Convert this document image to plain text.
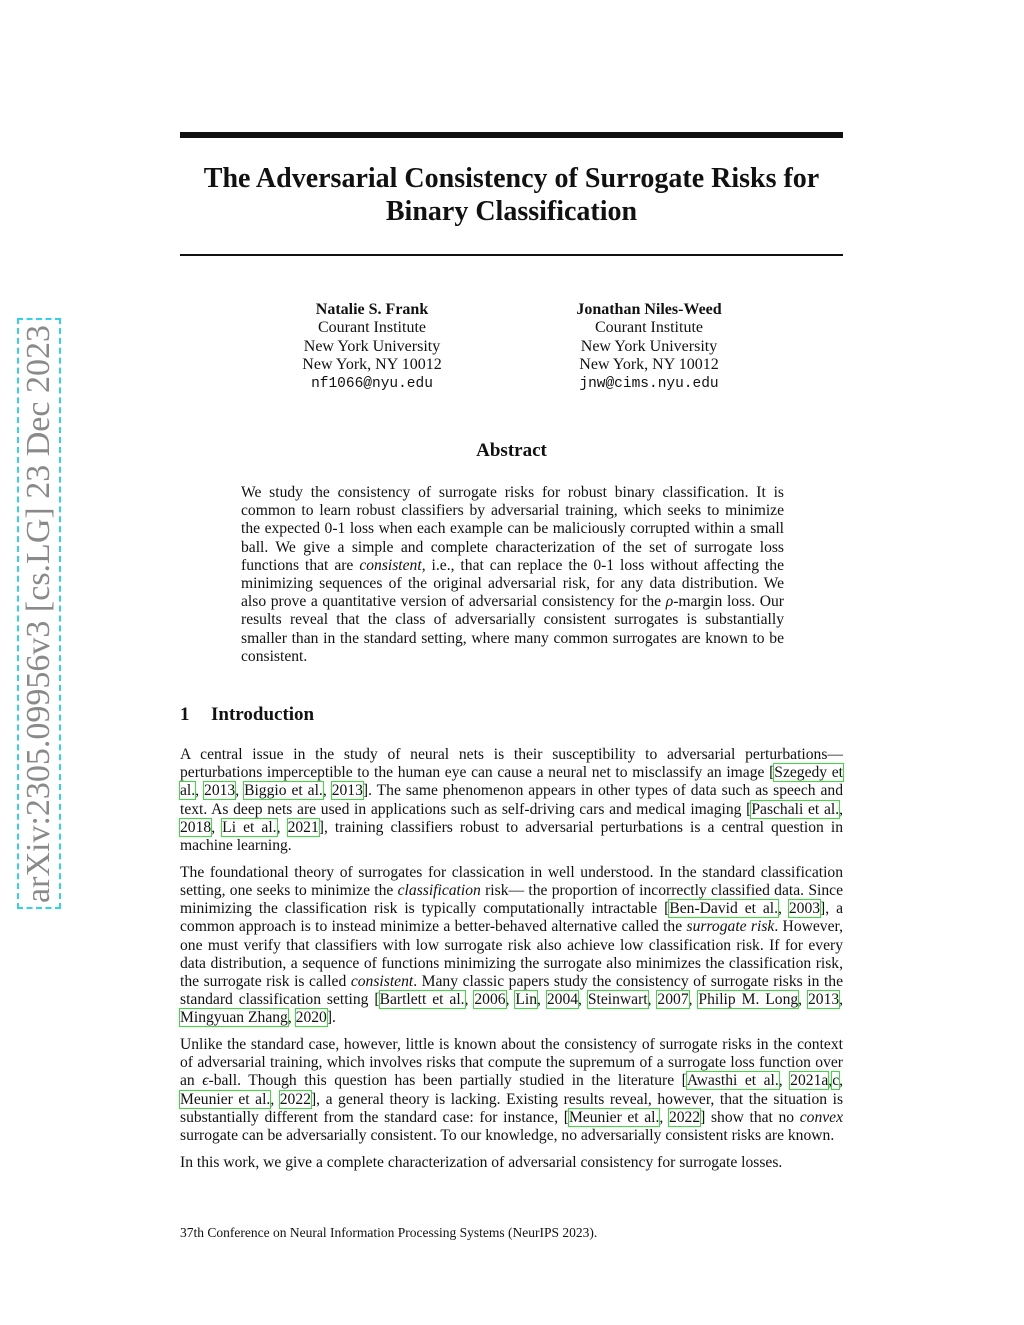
arXiv:2305.09956v3 [cs.LG] 23 Dec 2023
The Adversarial Consistency of Surrogate Risks for Binary Classification
Natalie S. Frank
Courant Institute
New York University
New York, NY 10012
nf1066@nyu.edu
Jonathan Niles-Weed
Courant Institute
New York University
New York, NY 10012
jnw@cims.nyu.edu
Abstract

We study the consistency of surrogate risks for robust binary classification. It is common to learn robust classifiers by adversarial training, which seeks to minimize the expected 0-1 loss when each example can be maliciously corrupted within a small ball. We give a simple and complete characterization of the set of surrogate loss functions that are consistent, i.e., that can replace the 0-1 loss without affecting the minimizing sequences of the original adversarial risk, for any data distribution. We also prove a quantitative version of adversarial consistency for the ρ-margin loss. Our results reveal that the class of adversarially consistent surrogates is substantially smaller than in the standard setting, where many common surrogates are known to be consistent.

1 Introduction

A central issue in the study of neural nets is their susceptibility to adversarial perturbations—perturbations imperceptible to the human eye can cause a neural net to misclassify an image [Szegedy et al., 2013, Biggio et al., 2013]. The same phenomenon appears in other types of data such as speech and text. As deep nets are used in applications such as self-driving cars and medical imaging [Paschali et al., 2018, Li et al., 2021], training classifiers robust to adversarial perturbations is a central question in machine learning.

The foundational theory of surrogates for classication in well understood. In the standard classification setting, one seeks to minimize the classification risk— the proportion of incorrectly classified data. Since minimizing the classification risk is typically computationally intractable [Ben-David et al., 2003], a common approach is to instead minimize a better-behaved alternative called the surrogate risk. However, one must verify that classifiers with low surrogate risk also achieve low classification risk. If for every data distribution, a sequence of functions minimizing the surrogate also minimizes the classification risk, the surrogate risk is called consistent. Many classic papers study the consistency of surrogate risks in the standard classification setting [Bartlett et al., 2006, Lin, 2004, Steinwart, 2007, Philip M. Long, 2013, Mingyuan Zhang, 2020].

Unlike the standard case, however, little is known about the consistency of surrogate risks in the context of adversarial training, which involves risks that compute the supremum of a surrogate loss function over an ϵ-ball. Though this question has been partially studied in the literature [Awasthi et al., 2021a,c, Meunier et al., 2022], a general theory is lacking. Existing results reveal, however, that the situation is substantially different from the standard case: for instance, [Meunier et al., 2022] show that no convex surrogate can be adversarially consistent. To our knowledge, no adversarially consistent risks are known.

In this work, we give a complete characterization of adversarial consistency for surrogate losses.

37th Conference on Neural Information Processing Systems (NeurIPS 2023).
